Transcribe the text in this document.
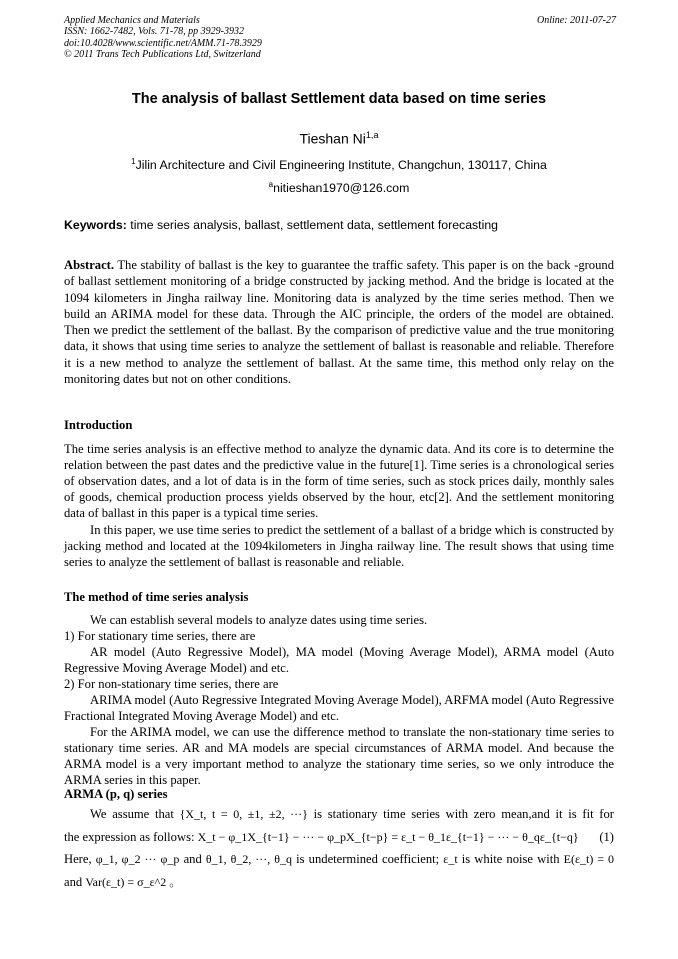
Applied Mechanics and Materials
ISSN: 1662-7482, Vols. 71-78, pp 3929-3932
doi:10.4028/www.scientific.net/AMM.71-78.3929
© 2011 Trans Tech Publications Ltd, Switzerland
Online: 2011-07-27
The analysis of ballast Settlement data based on time series
Tieshan Ni$^{1,a}$
$^1$Jilin Architecture and Civil Engineering Institute, Changchun, 130117, China
$^a$nitieshan1970@126.com
Keywords: time series analysis, ballast, settlement data, settlement forecasting
Abstract. The stability of ballast is the key to guarantee the traffic safety. This paper is on the back -ground of ballast settlement monitoring of a bridge constructed by jacking method. And the bridge is located at the 1094 kilometers in Jingha railway line. Monitoring data is analyzed by the time series method. Then we build an ARIMA model for these data. Through the AIC principle, the orders of the model are obtained. Then we predict the settlement of the ballast. By the comparison of predictive value and the true monitoring data, it shows that using time series to analyze the settlement of ballast is reasonable and reliable. Therefore it is a new method to analyze the settlement of ballast. At the same time, this method only relay on the monitoring dates but not on other conditions.
Introduction
The time series analysis is an effective method to analyze the dynamic data. And its core is to determine the relation between the past dates and the predictive value in the future[1]. Time series is a chronological series of observation dates, and a lot of data is in the form of time series, such as stock prices daily, monthly sales of goods, chemical production process yields observed by the hour, etc[2]. And the settlement monitoring data of ballast in this paper is a typical time series.
In this paper, we use time series to predict the settlement of a ballast of a bridge which is constructed by jacking method and located at the 1094kilometers in Jingha railway line. The result shows that using time series to analyze the settlement of ballast is reasonable and reliable.
The method of time series analysis
We can establish several models to analyze dates using time series.
1) For stationary time series, there are
AR model (Auto Regressive Model), MA model (Moving Average Model), ARMA model (Auto Regressive Moving Average Model) and etc.
2) For non-stationary time series, there are
ARIMA model (Auto Regressive Integrated Moving Average Model), ARFMA model (Auto Regressive Fractional Integrated Moving Average Model) and etc.
For the ARIMA model, we can use the difference method to translate the non-stationary time series to stationary time series. AR and MA models are special circumstances of ARMA model. And because the ARMA model is a very important method to analyze the stationary time series, so we only introduce the ARMA series in this paper.
ARMA (p, q) series
We assume that {X_t, t = 0, ±1, ±2, ···} is stationary time series with zero mean,and it is fit for
the expression as follows: X_t − φ_1X_{t−1} − ··· − φ_pX_{t−p} = ε_t − θ_1ε_{t−1} − ··· − θ_qε_{t−q} (1)
Here, φ_1, φ_2 ··· φ_p and θ_1, θ_2, ···, θ_q is undetermined coefficient; ε_t is white noise with E(ε_t) = 0
and Var(ε_t) = σ_ε^2 。
